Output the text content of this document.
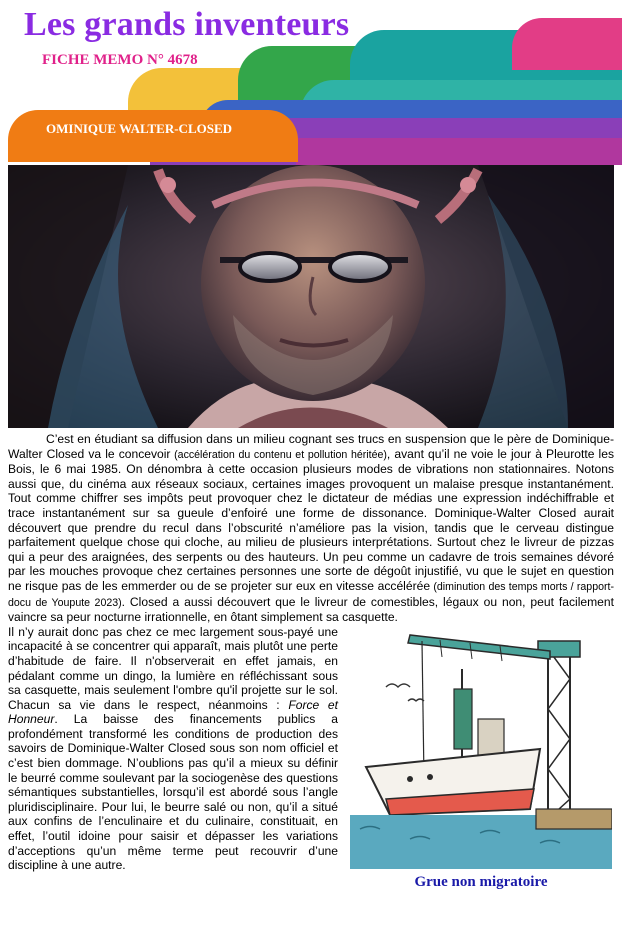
Les grands inventeurs
FICHE MEMO N° 4678
OMINIQUE WALTER-CLOSED

C’est en étudiant sa diffusion dans un milieu cognant ses trucs en suspension que le père de Dominique-Walter Closed va le concevoir (accélération du contenu et pollution héritée), avant qu’il ne voie le jour à Pleurotte les Bois, le 6 mai 1985. On dénombra à cette occasion plusieurs modes de vibrations non stationnaires. Notons aussi que, du cinéma aux réseaux sociaux, certaines images provoquent un malaise presque instantanément. Tout comme chiffrer ses impôts peut provoquer chez le dictateur de médias une expression indéchiffrable et trace instantanément sur sa gueule d’enfoiré une forme de dissonance. Dominique-Walter Closed aurait découvert que prendre du recul dans l’obscurité n’améliore pas la vision, tandis que le cerveau distingue parfaitement quelque chose qui cloche, au milieu de plusieurs interprétations. Surtout chez le livreur de pizzas qui a peur des araignées, des serpents ou des hauteurs. Un peu comme un cadavre de trois semaines dévoré par les mouches provoque chez certaines personnes une sorte de dégoût injustifié, vu que le sujet en question ne risque pas de les emmerder ou de se projeter sur eux en vitesse accélérée (diminution des temps morts / rapport-docu de Youpute 2023). Closed a aussi découvert que le livreur de comestibles, légaux ou non, peut facilement vaincre sa peur nocturne irrationnelle, en ôtant simplement sa casquette.

Il n’y aurait donc pas chez ce mec largement sous-payé une incapacité à se concentrer qui apparaît, mais plutôt une perte d’habitude de faire. Il n'observerait en effet jamais, en pédalant comme un dingo, la lumière en réfléchissant sous sa casquette, mais seulement l'ombre qu'il projette sur le sol. Chacun sa vie dans le respect, néanmoins : Force et Honneur. La baisse des financements publics a profondément transformé les conditions de production des savoirs de Dominique-Walter Closed sous son nom officiel et c’est bien dommage. N’oublions pas qu’il a mieux su définir le beurré comme soulevant par la sociogenèse des questions sémantiques substantielles, lorsqu’il est abordé sous l’angle pluridisciplinaire. Pour lui, le beurre salé ou non, qu’il a situé aux confins de l’enculinaire et du culinaire, constituait, en effet, l’outil idoine pour saisir et dépasser les variations d’acceptions qu’un même terme peut recouvrir d’une discipline à une autre.

Grue non migratoire
